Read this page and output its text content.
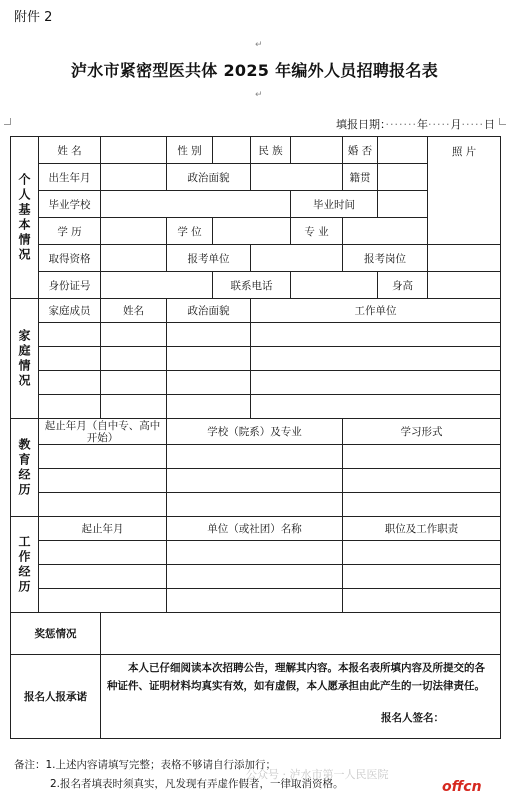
附件 2
↵
泸水市紧密型医共体 2025 年编外人员招聘报名表
↵
填报日期：·······年·····月·····日
个人基本情况	姓 名		性 别		民 族		婚 否		照 片
	出生年月		政治面貌				籍贯		
	毕业学校					毕业时间			
	学 历		学 位			专 业			
	取得资格		报考单位				报考岗位		
	身份证号			联系电话				身高	

家庭情况	家庭成员	姓名	政治面貌		工作单位				

教育经历	起止年月（自中专、高中开始）		学校（院系）及专业				学习形式		

工作经历	起止年月		单位（或社团）名称				职位及工作职责		

奖惩情况									
报名人报承诺		本人已仔细阅读本次招聘公告，理解其内容。本报名表所填内容及所提交的各种证件、证明材料均真实有效，如有虚假，本人愿承担由此产生的一切法律责任。
报名人签名：							
备注：1.上述内容请填写完整；表格不够请自行添加行；
2.报名者填表时须真实，凡发现有弄虚作假者，一律取消资格。
公众号 · 泸水市第一人民医院
offcn
